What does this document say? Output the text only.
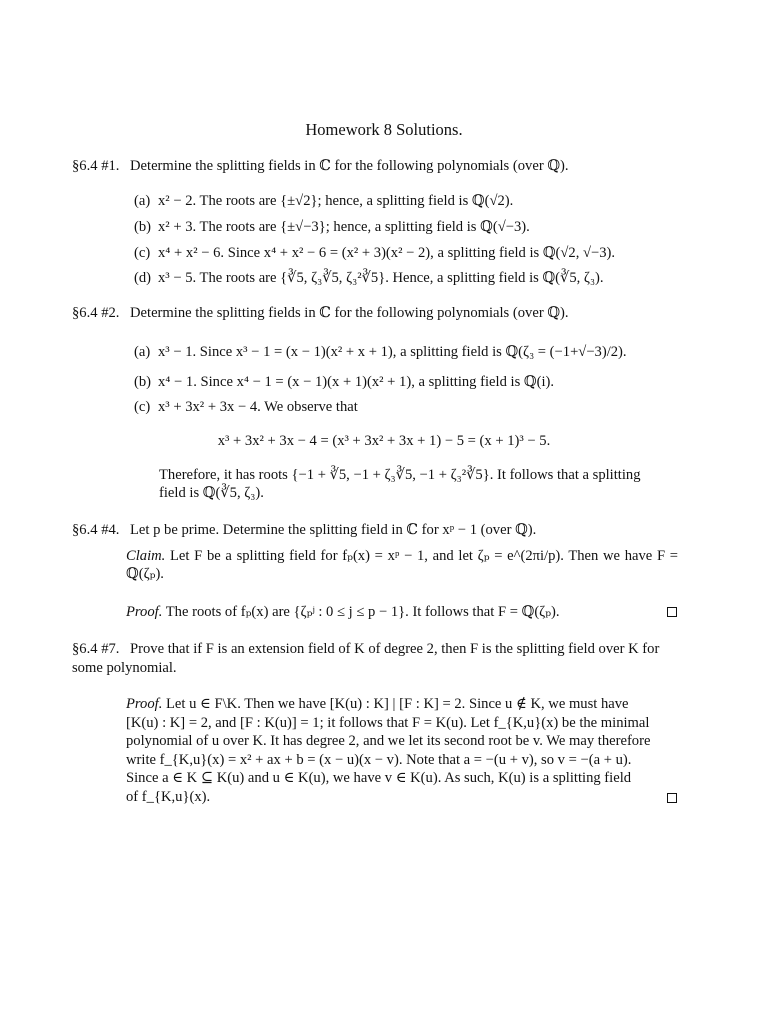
Homework 8 Solutions.
§6.4 #1. Determine the splitting fields in ℂ for the following polynomials (over ℚ).
(a) x² − 2. The roots are {±√2}; hence, a splitting field is ℚ(√2).
(b) x² + 3. The roots are {±√−3}; hence, a splitting field is ℚ(√−3).
(c) x⁴ + x² − 6. Since x⁴ + x² − 6 = (x² + 3)(x² − 2), a splitting field is ℚ(√2, √−3).
(d) x³ − 5. The roots are {∛5, ζ₃∛5, ζ₃²∛5}. Hence, a splitting field is ℚ(∛5, ζ₃).
§6.4 #2. Determine the splitting fields in ℂ for the following polynomials (over ℚ).
(a) x³ − 1. Since x³ − 1 = (x − 1)(x² + x + 1), a splitting field is ℚ(ζ₃ = (−1+√−3)/2).
(b) x⁴ − 1. Since x⁴ − 1 = (x − 1)(x + 1)(x² + 1), a splitting field is ℚ(i).
(c) x³ + 3x² + 3x − 4. We observe that
x³ + 3x² + 3x − 4 = (x³ + 3x² + 3x + 1) − 5 = (x + 1)³ − 5.
Therefore, it has roots {−1 + ∛5, −1 + ζ₃∛5, −1 + ζ₃²∛5}. It follows that a splitting
field is ℚ(∛5, ζ₃).
§6.4 #4. Let p be prime. Determine the splitting field in ℂ for xᵖ − 1 (over ℚ).
Claim. Let F be a splitting field for fₚ(x) = xᵖ − 1, and let ζₚ = e^(2πi/p). Then we have F = ℚ(ζₚ).
Proof. The roots of fₚ(x) are {ζₚʲ : 0 ≤ j ≤ p − 1}. It follows that F = ℚ(ζₚ).
§6.4 #7. Prove that if F is an extension field of K of degree 2, then F is the splitting field over K for
some polynomial.
Proof. Let u ∈ F\K. Then we have [K(u) : K] | [F : K] = 2. Since u ∉ K, we must have
[K(u) : K] = 2, and [F : K(u)] = 1; it follows that F = K(u). Let f_{K,u}(x) be the minimal
polynomial of u over K. It has degree 2, and we let its second root be v. We may therefore
write f_{K,u}(x) = x² + ax + b = (x − u)(x − v). Note that a = −(u + v), so v = −(a + u).
Since a ∈ K ⊆ K(u) and u ∈ K(u), we have v ∈ K(u). As such, K(u) is a splitting field
of f_{K,u}(x).
